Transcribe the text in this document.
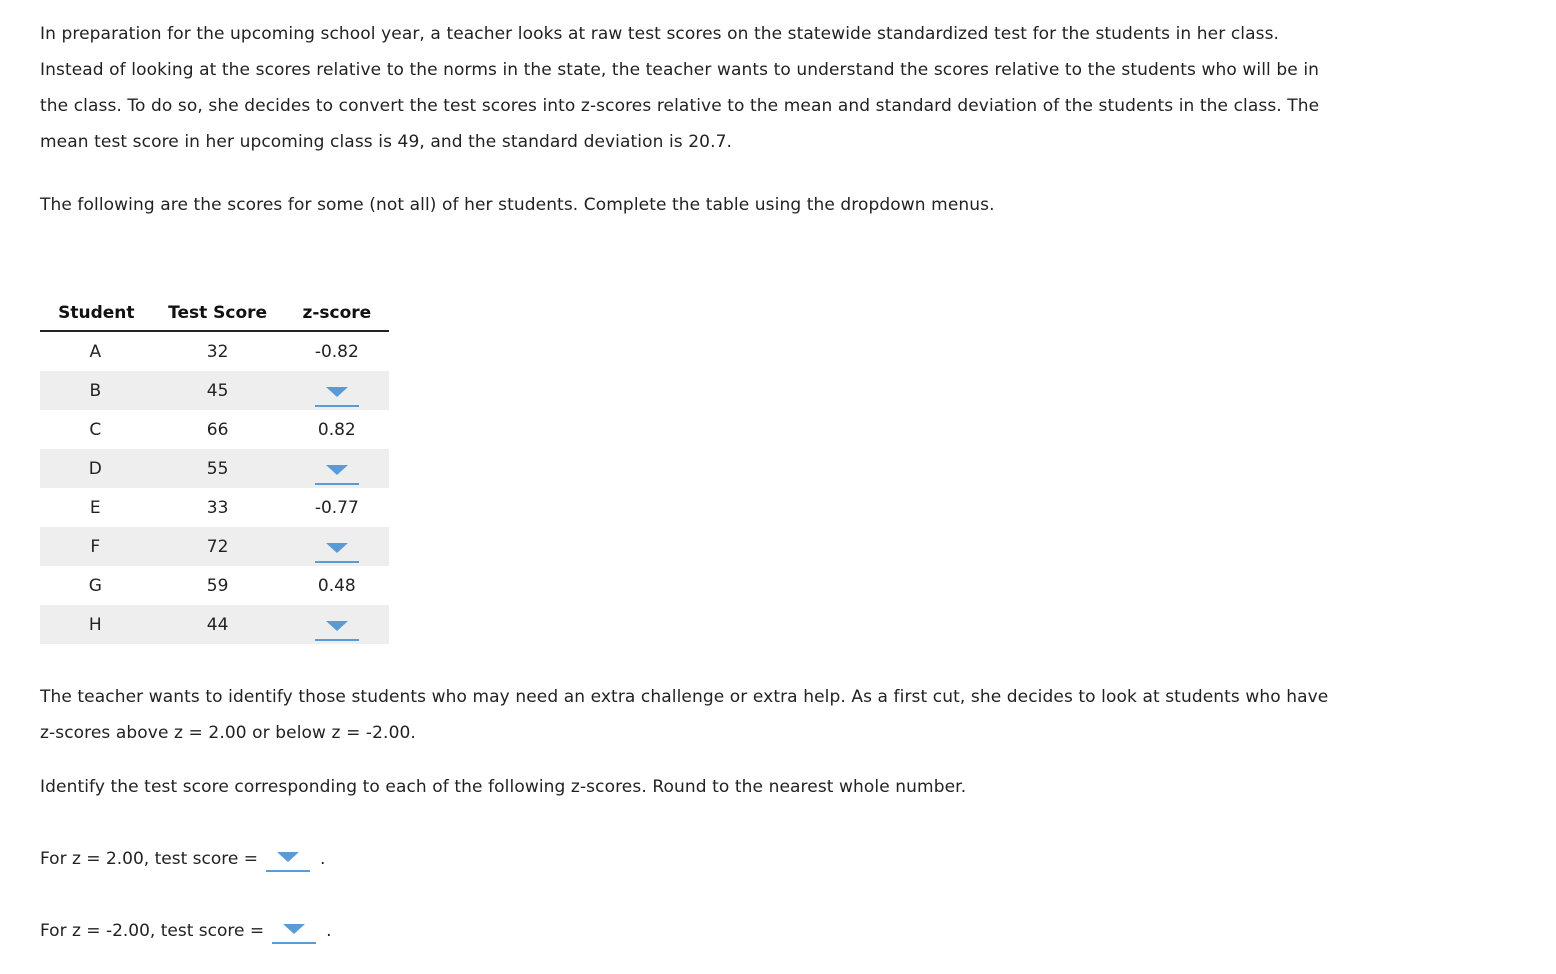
In preparation for the upcoming school year, a teacher looks at raw test scores on the statewide standardized test for the students in her class.
Instead of looking at the scores relative to the norms in the state, the teacher wants to understand the scores relative to the students who will be in
the class. To do so, she decides to convert the test scores into z-scores relative to the mean and standard deviation of the students in the class. The
mean test score in her upcoming class is 49, and the standard deviation is 20.7.

The following are the scores for some (not all) of her students. Complete the table using the dropdown menus.

Student	Test Score	z-score
A	32	-0.82
B	45	

C	66	0.82
D	55	

E	33	-0.77
F	72	

G	59	0.48
H	44	

The teacher wants to identify those students who may need an extra challenge or extra help. As a first cut, she decides to look at students who have
z-scores above z = 2.00 or below z = -2.00.

Identify the test score corresponding to each of the following z-scores. Round to the nearest whole number.

For z = 2.00, test score =	.
For z = -2.00, test score =	.
